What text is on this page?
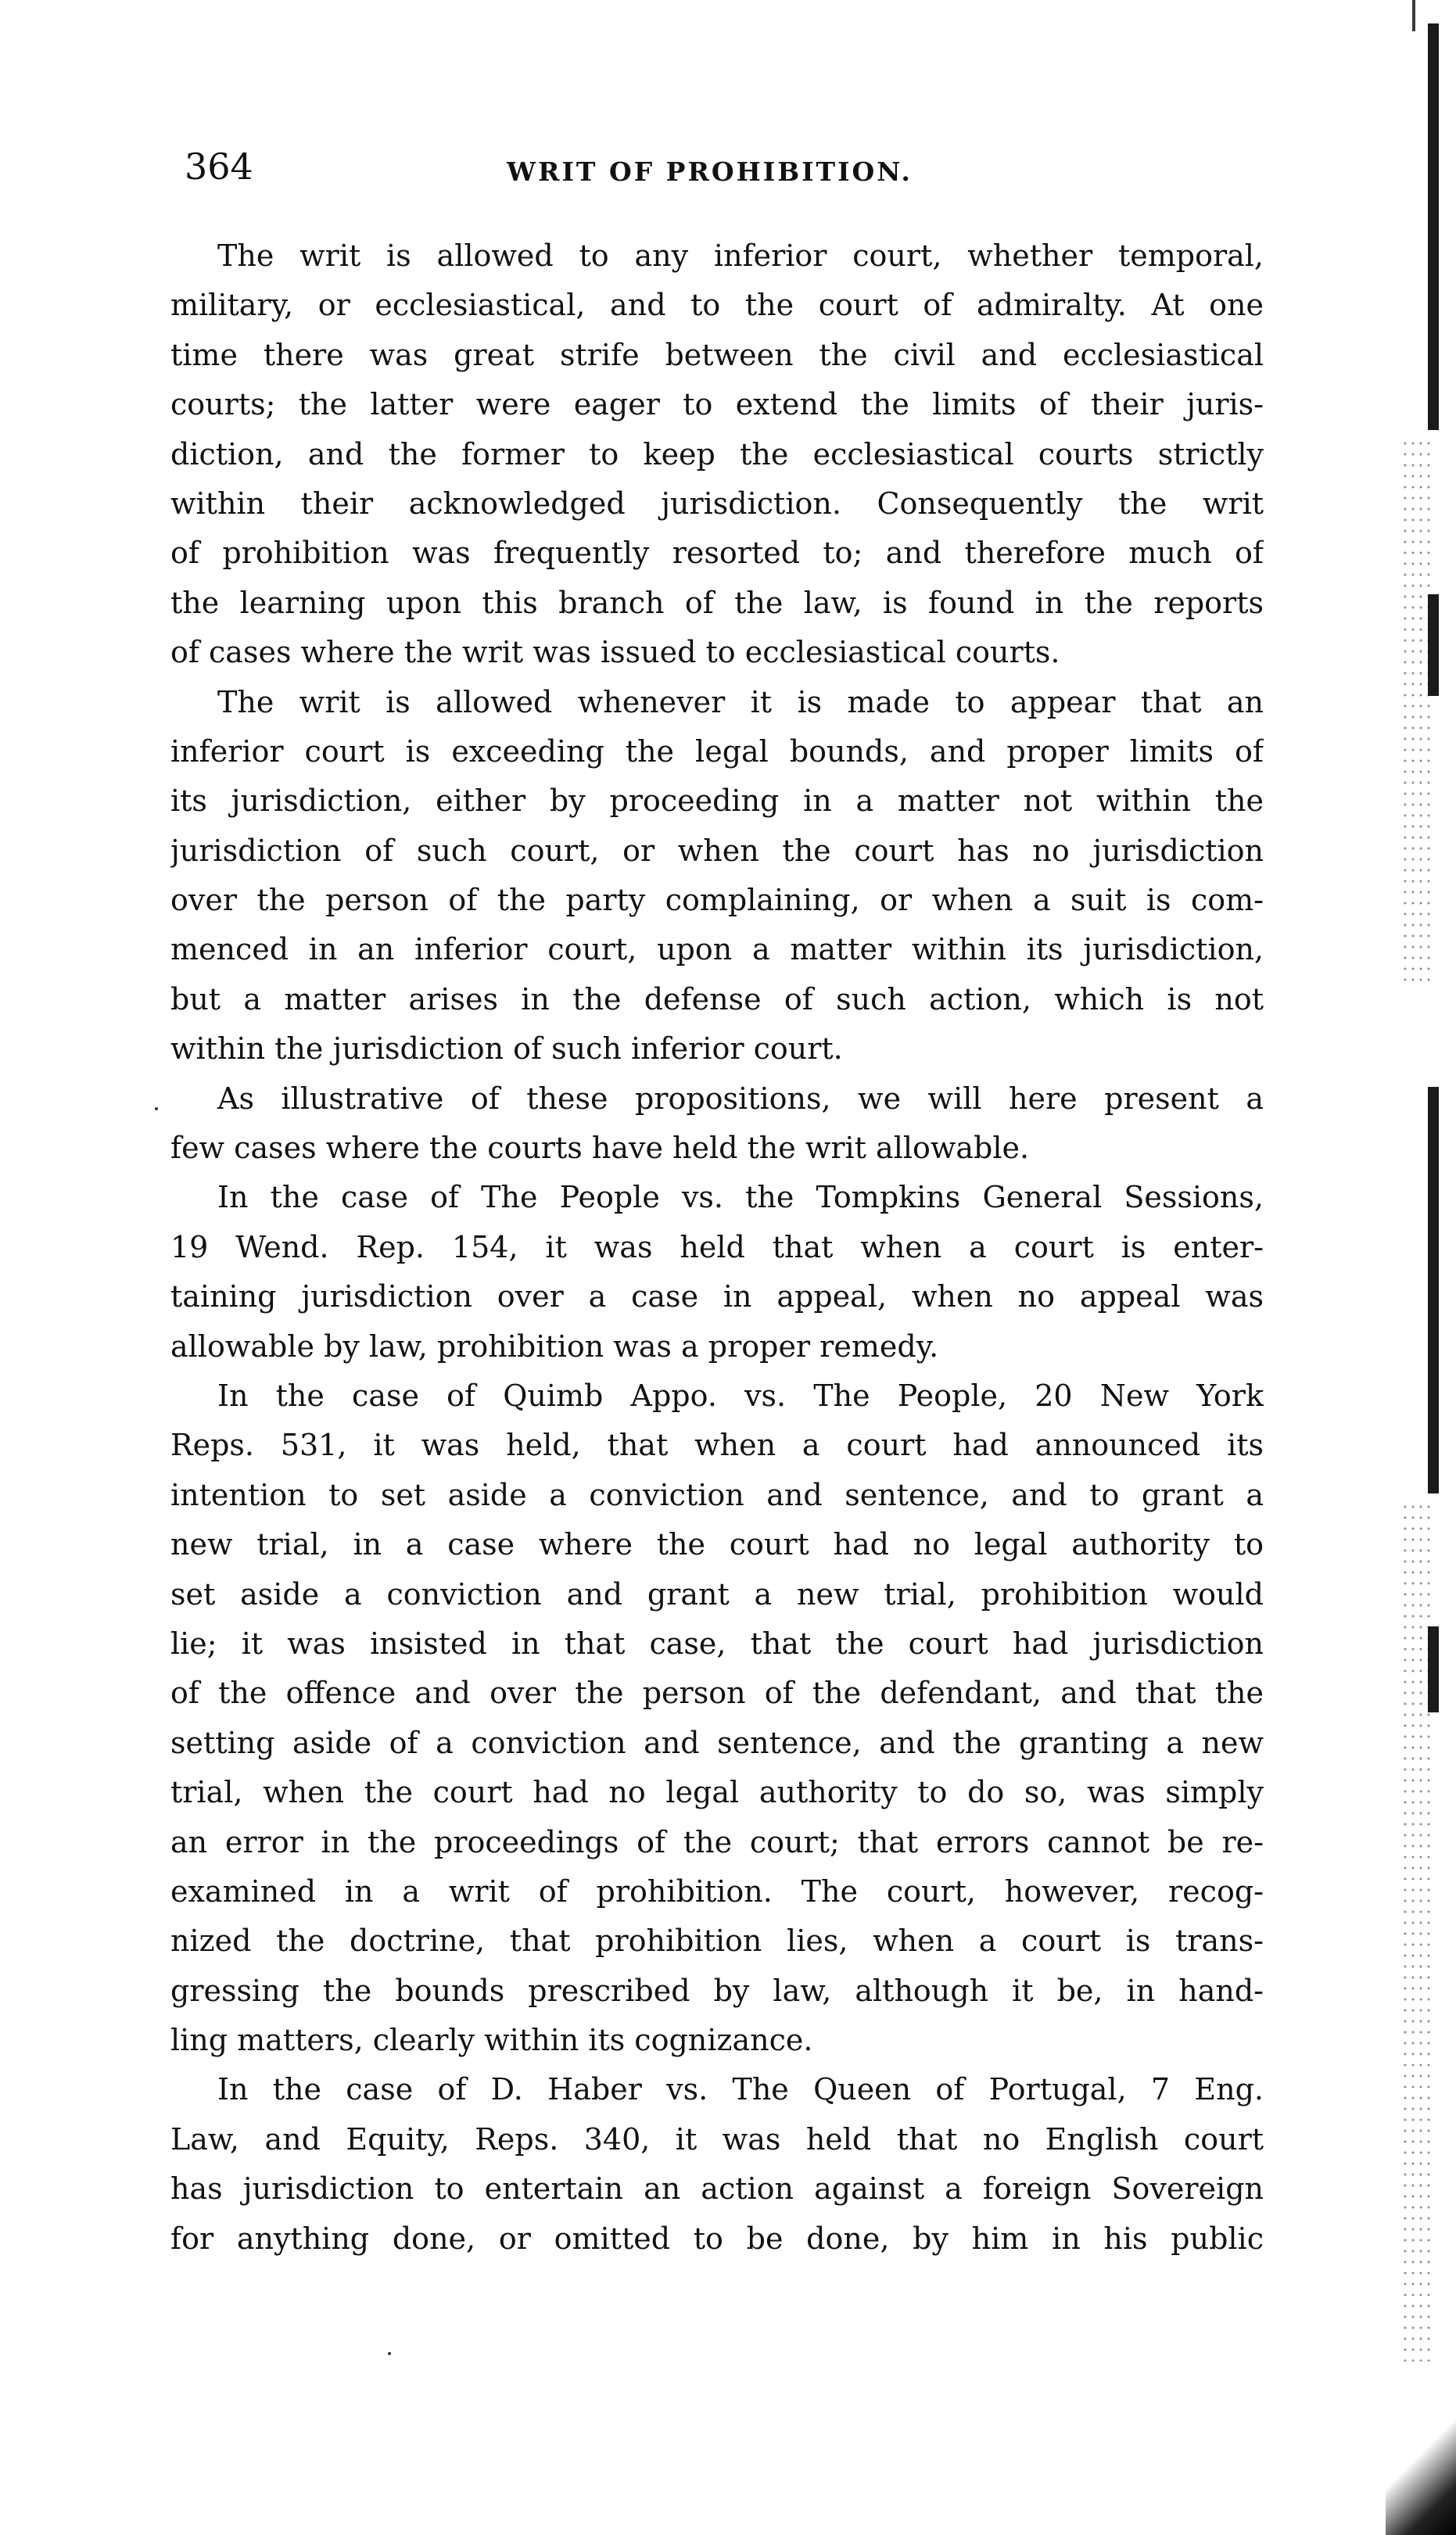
364	WRIT OF PROHIBITION.
The writ is allowed to any inferior court, whether temporal,
military, or ecclesiastical, and to the court of admiralty. At one
time there was great strife between the civil and ecclesiastical
courts; the latter were eager to extend the limits of their juris-
diction, and the former to keep the ecclesiastical courts strictly
within their acknowledged jurisdiction. Consequently the writ
of prohibition was frequently resorted to; and therefore much of
the learning upon this branch of the law, is found in the reports
of cases where the writ was issued to ecclesiastical courts.
The writ is allowed whenever it is made to appear that an
inferior court is exceeding the legal bounds, and proper limits of
its jurisdiction, either by proceeding in a matter not within the
jurisdiction of such court, or when the court has no jurisdiction
over the person of the party complaining, or when a suit is com-
menced in an inferior court, upon a matter within its jurisdiction,
but a matter arises in the defense of such action, which is not
within the jurisdiction of such inferior court.
As illustrative of these propositions, we will here present a
few cases where the courts have held the writ allowable.
In the case of The People vs. the Tompkins General Sessions,
19 Wend. Rep. 154, it was held that when a court is enter-
taining jurisdiction over a case in appeal, when no appeal was
allowable by law, prohibition was a proper remedy.
In the case of Quimb Appo. vs. The People, 20 New York
Reps. 531, it was held, that when a court had announced its
intention to set aside a conviction and sentence, and to grant a
new trial, in a case where the court had no legal authority to
set aside a conviction and grant a new trial, prohibition would
lie; it was insisted in that case, that the court had jurisdiction
of the offence and over the person of the defendant, and that the
setting aside of a conviction and sentence, and the granting a new
trial, when the court had no legal authority to do so, was simply
an error in the proceedings of the court; that errors cannot be re-
examined in a writ of prohibition. The court, however, recog-
nized the doctrine, that prohibition lies, when a court is trans-
gressing the bounds prescribed by law, although it be, in hand-
ling matters, clearly within its cognizance.
In the case of D. Haber vs. The Queen of Portugal, 7 Eng.
Law, and Equity, Reps. 340, it was held that no English court
has jurisdiction to entertain an action against a foreign Sovereign
for anything done, or omitted to be done, by him in his public
